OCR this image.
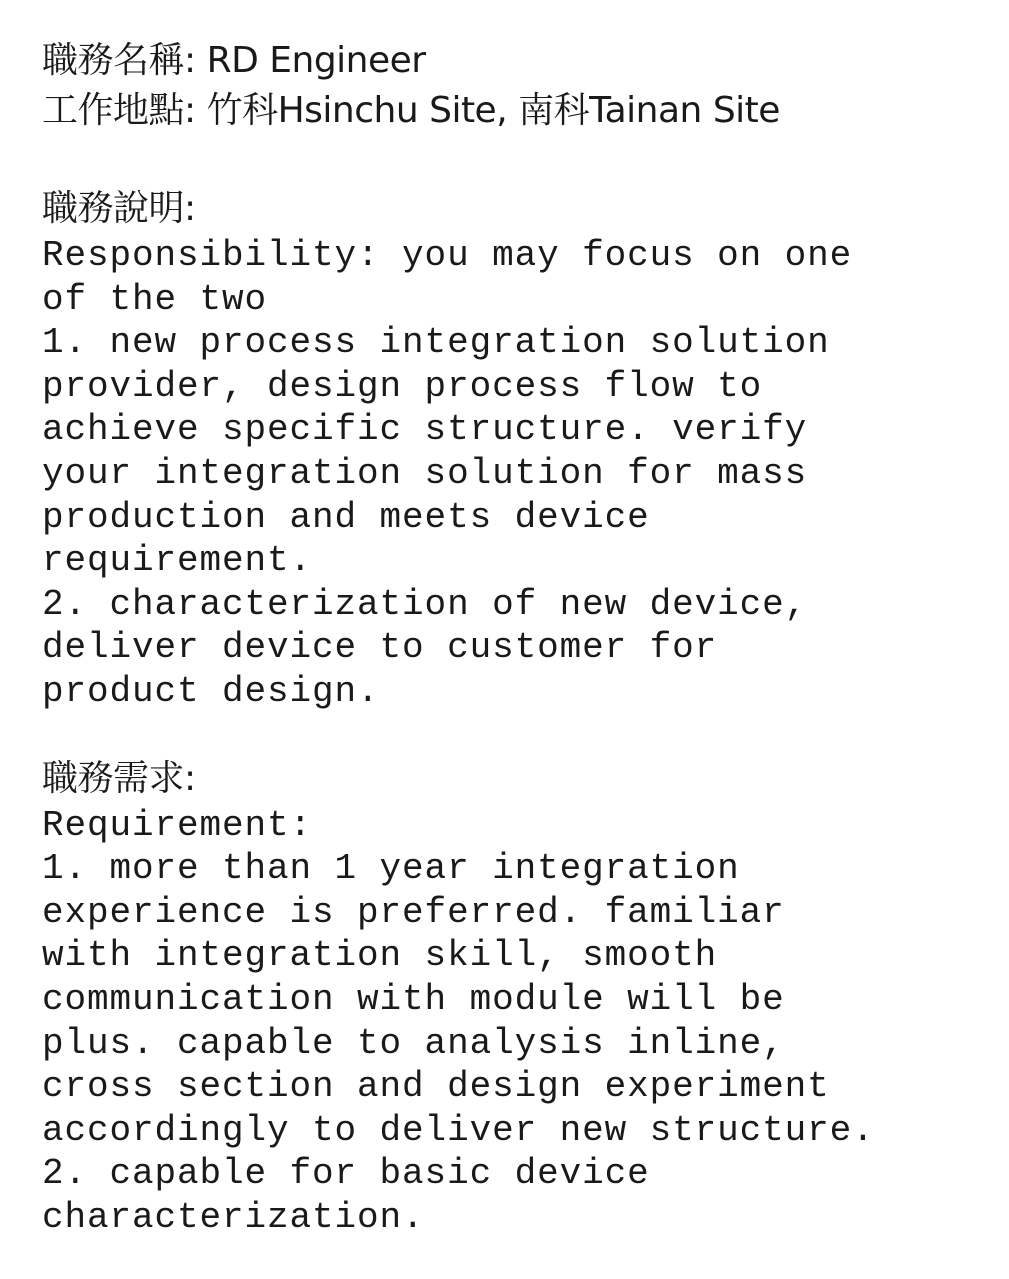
職務名稱: RD Engineer
工作地點: 竹科Hsinchu Site, 南科Tainan Site
職務說明:
Responsibility: you may focus on one
of the two
1. new process integration solution
provider, design process flow to
achieve specific structure. verify
your integration solution for mass
production and meets device
requirement.
2. characterization of new device,
deliver device to customer for
product design.
職務需求:
Requirement:
1. more than 1 year integration
experience is preferred. familiar
with integration skill, smooth
communication with module will be
plus. capable to analysis inline,
cross section and design experiment
accordingly to deliver new structure.
2. capable for basic device
characterization.
